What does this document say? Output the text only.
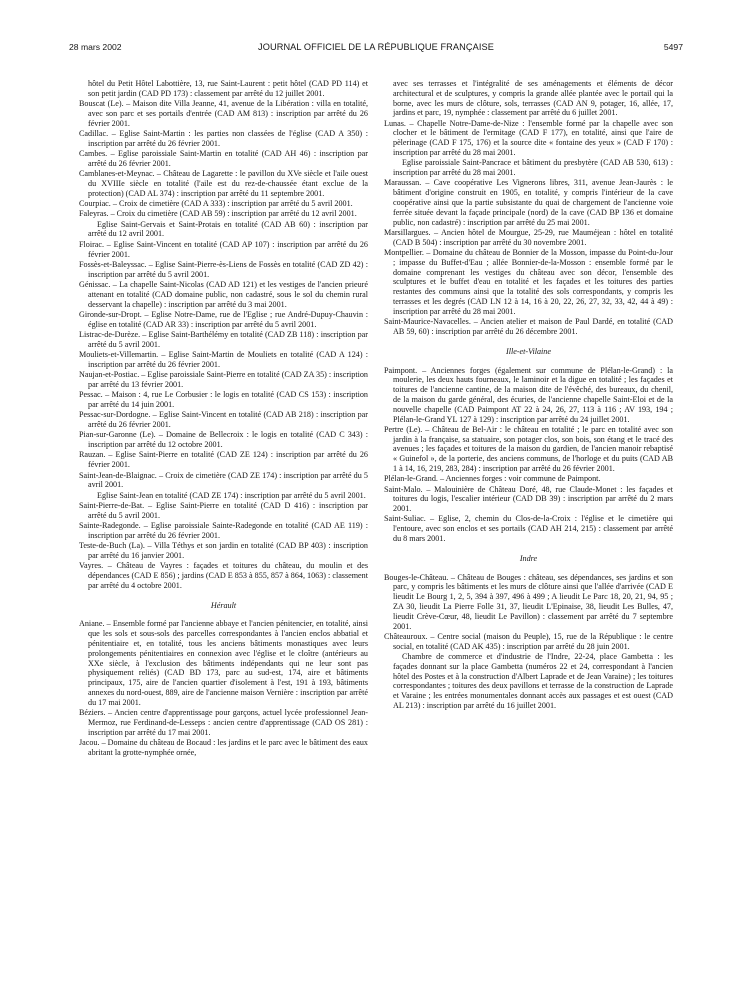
28 mars 2002	JOURNAL OFFICIEL DE LA RÉPUBLIQUE FRANÇAISE	5497

hôtel du Petit Hôtel Labottière, 13, rue Saint-Laurent : petit hôtel (CAD PD 114) et son petit jardin (CAD PD 173) : classement par arrêté du 12 juillet 2001.

Bouscat (Le). – Maison dite Villa Jeanne, 41, avenue de la Libération : villa en totalité, avec son parc et ses portails d'entrée (CAD AM 813) : inscription par arrêté du 26 février 2001.

Cadillac. – Eglise Saint-Martin : les parties non classées de l'église (CAD A 350) : inscription par arrêté du 26 février 2001.

Cambes. – Eglise paroissiale Saint-Martin en totalité (CAD AH 46) : inscription par arrêté du 26 février 2001.

Camblanes-et-Meynac. – Château de Lagarette : le pavillon du XVe siècle et l'aile ouest du XVIIIe siècle en totalité (l'aile est du rez-de-chaussée étant exclue de la protection) (CAD AL 374) : inscription par arrêté du 11 septembre 2001.

Courpiac. – Croix de cimetière (CAD A 333) : inscription par arrêté du 5 avril 2001.

Faleyras. – Croix du cimetière (CAD AB 59) : inscription par arrêté du 12 avril 2001.

Eglise Saint-Gervais et Saint-Protais en totalité (CAD AB 60) : inscription par arrêté du 12 avril 2001.

Floirac. – Eglise Saint-Vincent en totalité (CAD AP 107) : inscription par arrêté du 26 février 2001.

Fossès-et-Baleyssac. – Eglise Saint-Pierre-ès-Liens de Fossès en totalité (CAD ZD 42) : inscription par arrêté du 5 avril 2001.

Génissac. – La chapelle Saint-Nicolas (CAD AD 121) et les vestiges de l'ancien prieuré attenant en totalité (CAD domaine public, non cadastré, sous le sol du chemin rural desservant la chapelle) : inscription par arrêté du 3 mai 2001.

Gironde-sur-Dropt. – Eglise Notre-Dame, rue de l'Eglise ; rue André-Dupuy-Chauvin : église en totalité (CAD AR 33) : inscription par arrêté du 5 avril 2001.

Listrac-de-Durèze. – Eglise Saint-Barthélémy en totalité (CAD ZB 118) : inscription par arrêté du 5 avril 2001.

Mouliets-et-Villemartin. – Eglise Saint-Martin de Mouliets en totalité (CAD A 124) : inscription par arrêté du 26 février 2001.

Naujan-et-Postiac. – Eglise paroissiale Saint-Pierre en totalité (CAD ZA 35) : inscription par arrêté du 13 février 2001.

Pessac. – Maison : 4, rue Le Corbusier : le logis en totalité (CAD CS 153) : inscription par arrêté du 14 juin 2001.

Pessac-sur-Dordogne. – Eglise Saint-Vincent en totalité (CAD AB 218) : inscription par arrêté du 26 février 2001.

Pian-sur-Garonne (Le). – Domaine de Bellecroix : le logis en totalité (CAD C 343) : inscription par arrêté du 12 octobre 2001.

Rauzan. – Eglise Saint-Pierre en totalité (CAD ZE 124) : inscription par arrêté du 26 février 2001.

Saint-Jean-de-Blaignac. – Croix de cimetière (CAD ZE 174) : inscription par arrêté du 5 avril 2001.

Eglise Saint-Jean en totalité (CAD ZE 174) : inscription par arrêté du 5 avril 2001.

Saint-Pierre-de-Bat. – Eglise Saint-Pierre en totalité (CAD D 416) : inscription par arrêté du 5 avril 2001.

Sainte-Radegonde. – Eglise paroissiale Sainte-Radegonde en totalité (CAD AE 119) : inscription par arrêté du 26 février 2001.

Teste-de-Buch (La). – Villa Téthys et son jardin en totalité (CAD BP 403) : inscription par arrêté du 16 janvier 2001.

Vayres. – Château de Vayres : façades et toitures du château, du moulin et des dépendances (CAD E 856) ; jardins (CAD E 853 à 855, 857 à 864, 1063) : classement par arrêté du 4 octobre 2001.

Hérault

Aniane. – Ensemble formé par l'ancienne abbaye et l'ancien pénitencier, en totalité, ainsi que les sols et sous-sols des parcelles correspondantes à l'ancien enclos abbatial et pénitentiaire et, en totalité, tous les anciens bâtiments monastiques avec leurs prolongements pénitentiaires en connexion avec l'église et le cloître (antérieurs au XXe siècle, à l'exclusion des bâtiments indépendants qui ne leur sont pas physiquement reliés) (CAD BD 173, parc au sud-est, 174, aire et bâtiments principaux, 175, aire de l'ancien quartier d'isolement à l'est, 191 à 193, bâtiments annexes du nord-ouest, 889, aire de l'ancienne maison Vernière : inscription par arrêté du 17 mai 2001.

Béziers. – Ancien centre d'apprentissage pour garçons, actuel lycée professionnel Jean-Mermoz, rue Ferdinand-de-Lesseps : ancien centre d'apprentissage (CAD OS 281) : inscription par arrêté du 17 mai 2001.

Jacou. – Domaine du château de Bocaud : les jardins et le parc avec le bâtiment des eaux abritant la grotte-nymphée ornée,

avec ses terrasses et l'intégralité de ses aménagements et éléments de décor architectural et de sculptures, y compris la grande allée plantée avec le portail qui la borne, avec les murs de clôture, sols, terrasses (CAD AN 9, potager, 16, allée, 17, jardins et parc, 19, nymphée : classement par arrêté du 6 juillet 2001.

Lunas. – Chapelle Notre-Dame-de-Nize : l'ensemble formé par la chapelle avec son clocher et le bâtiment de l'ermitage (CAD F 177), en totalité, ainsi que l'aire de pèlerinage (CAD F 175, 176) et la source dite « fontaine des yeux » (CAD F 170) : inscription par arrêté du 28 mai 2001.

Eglise paroissiale Saint-Pancrace et bâtiment du presbytère (CAD AB 530, 613) : inscription par arrêté du 28 mai 2001.

Maraussan. – Cave coopérative Les Vignerons libres, 311, avenue Jean-Jaurès : le bâtiment d'origine construit en 1905, en totalité, y compris l'intérieur de la cave coopérative ainsi que la partie subsistante du quai de chargement de l'ancienne voie ferrée située devant la façade principale (nord) de la cave (CAD BP 136 et domaine public, non cadastré) : inscription par arrêté du 25 mai 2001.

Marsillargues. – Ancien hôtel de Mourgue, 25-29, rue Mauméjean : hôtel en totalité (CAD B 504) : inscription par arrêté du 30 novembre 2001.

Montpellier. – Domaine du château de Bonnier de la Mosson, impasse du Point-du-Jour ; impasse du Buffet-d'Eau ; allée Bonnier-de-la-Mosson : ensemble formé par le domaine comprenant les vestiges du château avec son décor, l'ensemble des sculptures et le buffet d'eau en totalité et les façades et les toitures des parties restantes des communs ainsi que la totalité des sols correspondants, y compris les terrasses et les degrés (CAD LN 12 à 14, 16 à 20, 22, 26, 27, 32, 33, 42, 44 à 49) : inscription par arrêté du 28 mai 2001.

Saint-Maurice-Navacelles. – Ancien atelier et maison de Paul Dardé, en totalité (CAD AB 59, 60) : inscription par arrêté du 26 décembre 2001.

Ille-et-Vilaine

Paimpont. – Anciennes forges (également sur commune de Plélan-le-Grand) : la moulerie, les deux hauts fourneaux, le laminoir et la digue en totalité ; les façades et toitures de l'ancienne cantine, de la maison dite de l'évêché, des bureaux, du chenil, de la maison du garde général, des écuries, de l'ancienne chapelle Saint-Eloi et de la nouvelle chapelle (CAD Paimpont AT 22 à 24, 26, 27, 113 à 116 ; AV 193, 194 ; Plélan-le-Grand YL 127 à 129) : inscription par arrêté du 24 juillet 2001.

Pertre (Le). – Château de Bel-Air : le château en totalité ; le parc en totalité avec son jardin à la française, sa statuaire, son potager clos, son bois, son étang et le tracé des avenues ; les façades et toitures de la maison du gardien, de l'ancien manoir rebaptisé « Guinefol », de la porterie, des anciens communs, de l'horloge et du puits (CAD AB 1 à 14, 16, 219, 283, 284) : inscription par arrêté du 26 février 2001.

Plélan-le-Grand. – Anciennes forges : voir commune de Paimpont.

Saint-Malo. – Malouinière de Château Doré, 48, rue Claude-Monet : les façades et toitures du logis, l'escalier intérieur (CAD DB 39) : inscription par arrêté du 2 mars 2001.

Saint-Suliac. – Eglise, 2, chemin du Clos-de-la-Croix : l'église et le cimetière qui l'entoure, avec son enclos et ses portails (CAD AH 214, 215) : classement par arrêté du 8 mars 2001.

Indre

Bouges-le-Château. – Château de Bouges : château, ses dépendances, ses jardins et son parc, y compris les bâtiments et les murs de clôture ainsi que l'allée d'arrivée (CAD E lieudit Le Bourg 1, 2, 5, 394 à 397, 496 à 499 ; A lieudit Le Parc 18, 20, 21, 94, 95 ; ZA 30, lieudit La Pierre Folle 31, 37, lieudit L'Epinaise, 38, lieudit Les Bulles, 47, lieudit Crève-Cœur, 48, lieudit Le Pavillon) : classement par arrêté du 7 septembre 2001.

Châteauroux. – Centre social (maison du Peuple), 15, rue de la République : le centre social, en totalité (CAD AK 435) : inscription par arrêté du 28 juin 2001.

Chambre de commerce et d'industrie de l'Indre, 22-24, place Gambetta : les façades donnant sur la place Gambetta (numéros 22 et 24, correspondant à l'ancien hôtel des Postes et à la construction d'Albert Laprade et de Jean Varaine) ; les toitures correspondantes ; toitures des deux pavillons et terrasse de la construction de Laprade et Varaine ; les entrées monumentales donnant accès aux passages et est ouest (CAD AL 213) : inscription par arrêté du 16 juillet 2001.
